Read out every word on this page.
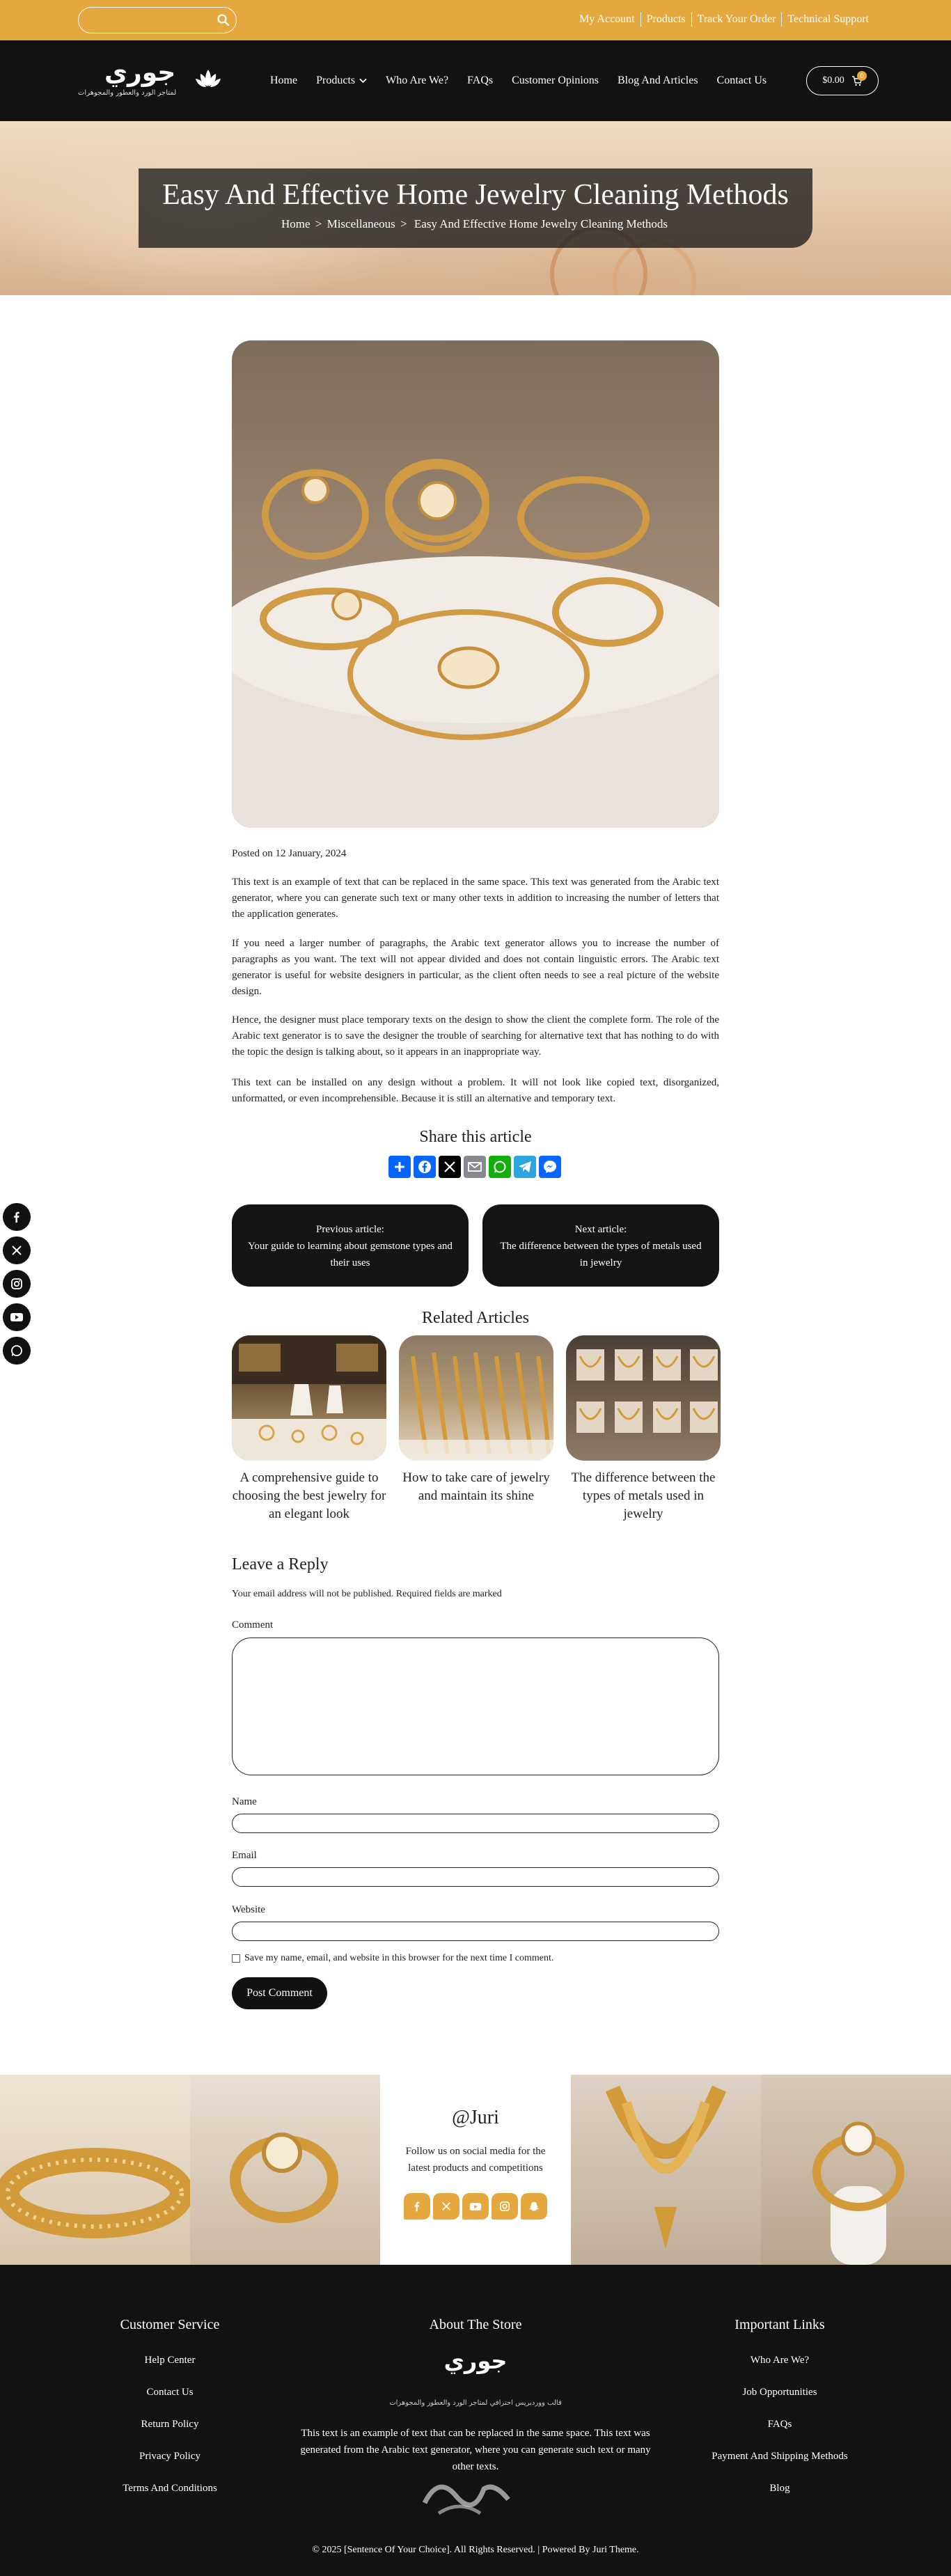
My Account	Products	Track Your Order	Technical Support
جوري
لمتاجر الورد والعطور والمجوهرات
Home Products	Who Are We? FAQs Customer Opinions Blog And Articles Contact Us	$0.00	0
Easy And Effective Home Jewelry Cleaning Methods
Home > Miscellaneous > Easy And Effective Home Jewelry Cleaning Methods
Posted on 12 January, 2024

This text is an example of text that can be replaced in the same space. This text was generated from the Arabic text generator, where you can generate such text or many other texts in addition to increasing the number of letters that the application generates.

If you need a larger number of paragraphs, the Arabic text generator allows you to increase the number of paragraphs as you want. The text will not appear divided and does not contain linguistic errors. The Arabic text generator is useful for website designers in particular, as the client often needs to see a real picture of the website design.

Hence, the designer must place temporary texts on the design to show the client the complete form. The role of the Arabic text generator is to save the designer the trouble of searching for alternative text that has nothing to do with the topic the design is talking about, so it appears in an inappropriate way.

This text can be installed on any design without a problem. It will not look like copied text, disorganized, unformatted, or even incomprehensible. Because it is still an alternative and temporary text.

Share this article
Previous article:
Your guide to learning about gemstone types and their uses
Next article:
The difference between the types of metals used in jewelry
Related Articles
A comprehensive guide to choosing the best jewelry for an elegant look
How to take care of jewelry and maintain its shine
The difference between the types of metals used in jewelry
Leave a Reply
Your email address will not be published. Required fields are marked
Comment
Name
Email
Website
Save my name, email, and website in this browser for the next time I comment.
Post Comment
@Juri
Follow us on social media for the latest products and competitions
Customer Service
Help Center
Contact Us
Return Policy
Privacy Policy
Terms And Conditions
About The Store
جوري
قالب ووردبريس احترافي لمتاجر الورد والعطور والمجوهرات
This text is an example of text that can be replaced in the same space. This text was generated from the Arabic text generator, where you can generate such text or many other texts.
Important Links
Who Are We?
Job Opportunities
FAQs
Payment And Shipping Methods
Blog
© 2025 [Sentence Of Your Choice]. All Rights Reserved. | Powered By Juri Theme.
